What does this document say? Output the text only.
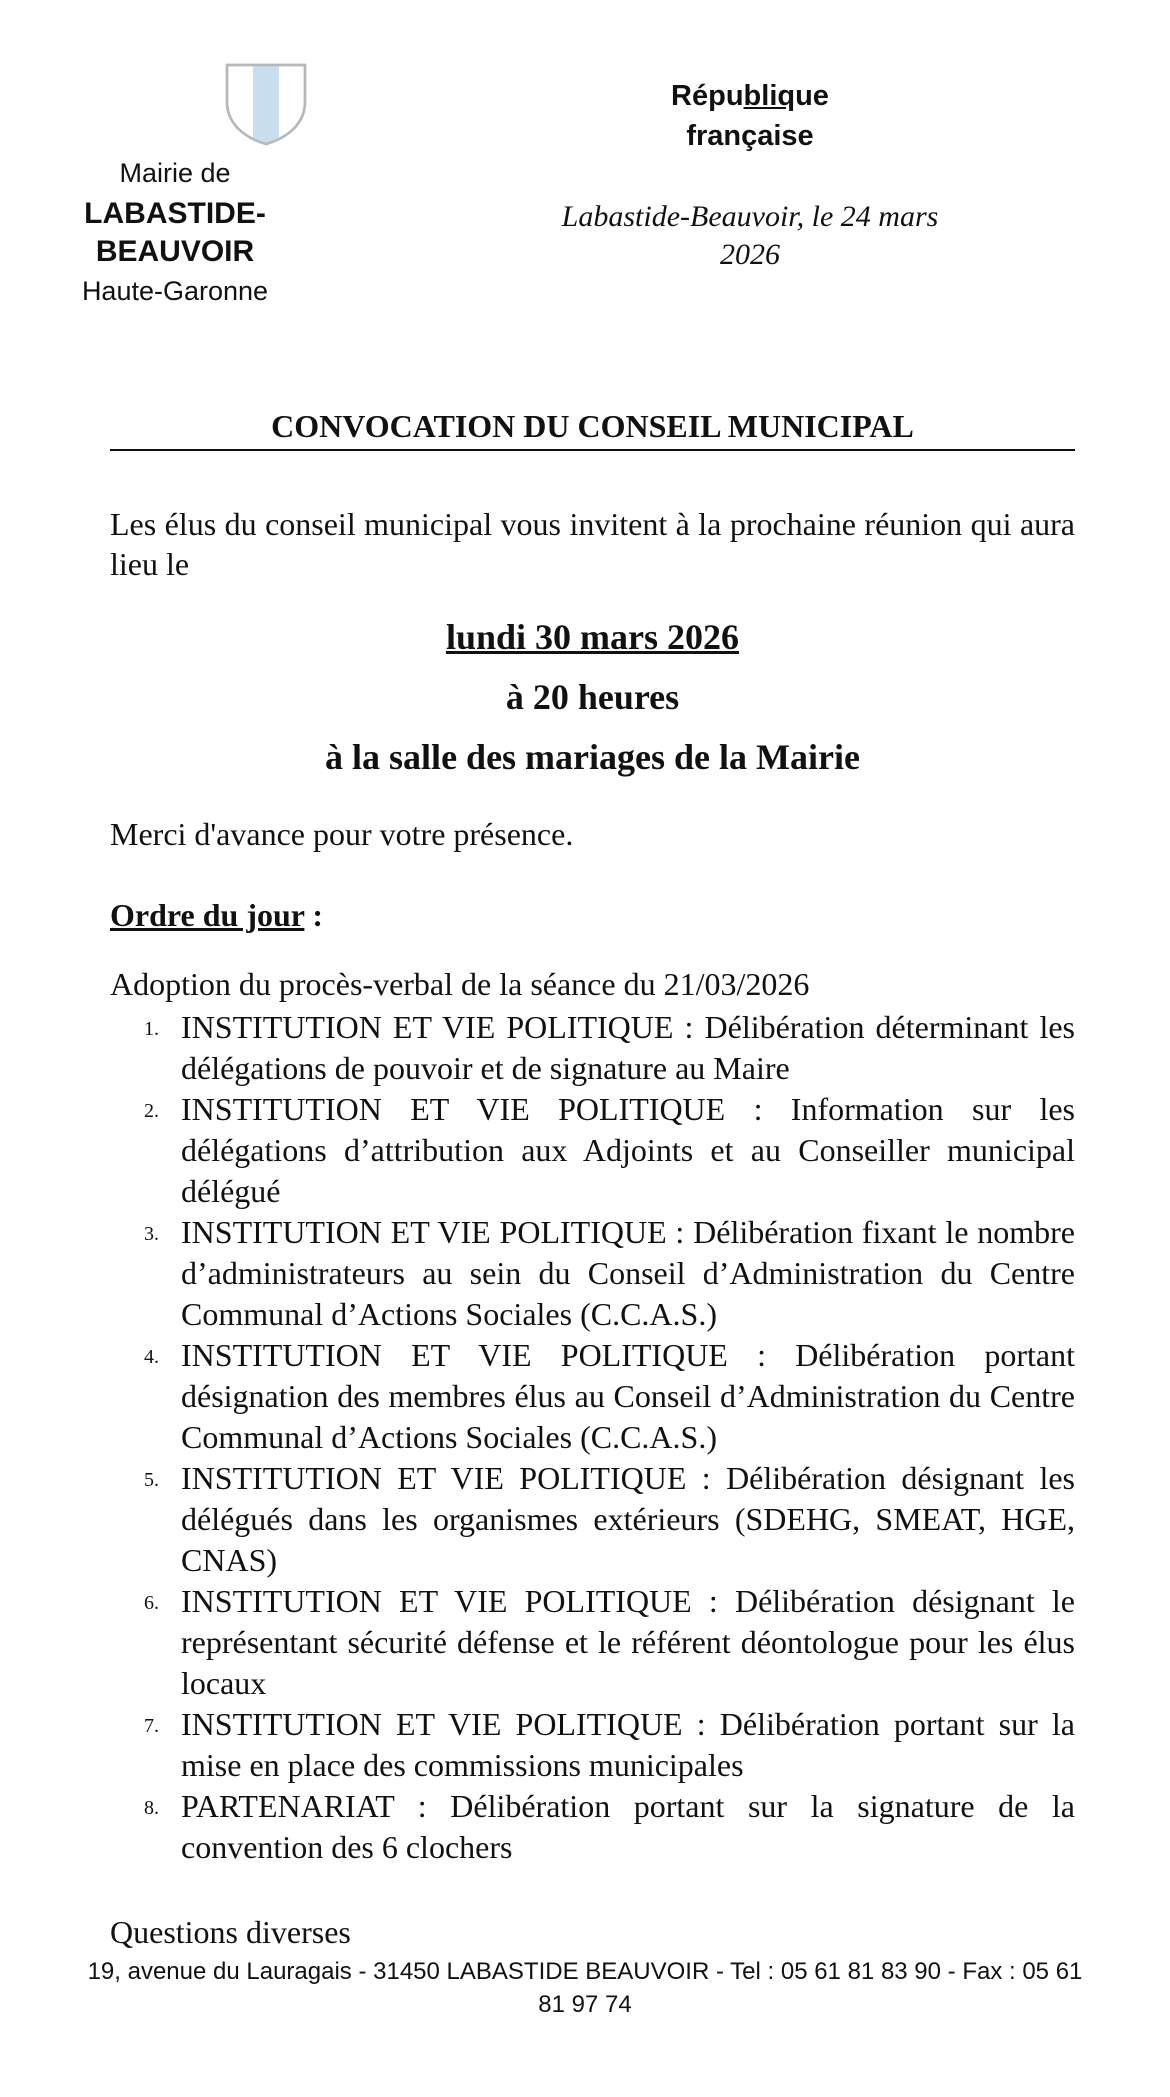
Mairie de
LABASTIDE-
BEAUVOIR
Haute-Garonne
République
française
Labastide-Beauvoir, le 24 mars
2026
CONVOCATION DU CONSEIL MUNICIPAL
Les élus du conseil municipal vous invitent à la prochaine réunion qui aura lieu le
lundi 30 mars 2026
à 20 heures
à la salle des mariages de la Mairie
Merci d'avance pour votre présence.
Ordre du jour :
Adoption du procès-verbal de la séance du 21/03/2026
1. INSTITUTION ET VIE POLITIQUE : Délibération déterminant les délégations de pouvoir et de signature au Maire
2. INSTITUTION ET VIE POLITIQUE : Information sur les délégations d’attribution aux Adjoints et au Conseiller municipal délégué
3. INSTITUTION ET VIE POLITIQUE : Délibération fixant le nombre d’administrateurs au sein du Conseil d’Administration du Centre Communal d’Actions Sociales (C.C.A.S.)
4. INSTITUTION ET VIE POLITIQUE : Délibération portant désignation des membres élus au Conseil d’Administration du Centre Communal d’Actions Sociales (C.C.A.S.)
5. INSTITUTION ET VIE POLITIQUE : Délibération désignant les délégués dans les organismes extérieurs (SDEHG, SMEAT, HGE, CNAS)
6. INSTITUTION ET VIE POLITIQUE : Délibération désignant le représentant sécurité défense et le référent déontologue pour les élus locaux
7. INSTITUTION ET VIE POLITIQUE : Délibération portant sur la mise en place des commissions municipales
8. PARTENARIAT : Délibération portant sur la signature de la convention des 6 clochers
Questions diverses
19, avenue du Lauragais - 31450 LABASTIDE BEAUVOIR - Tel : 05 61 81 83 90 - Fax : 05 61
81 97 74
